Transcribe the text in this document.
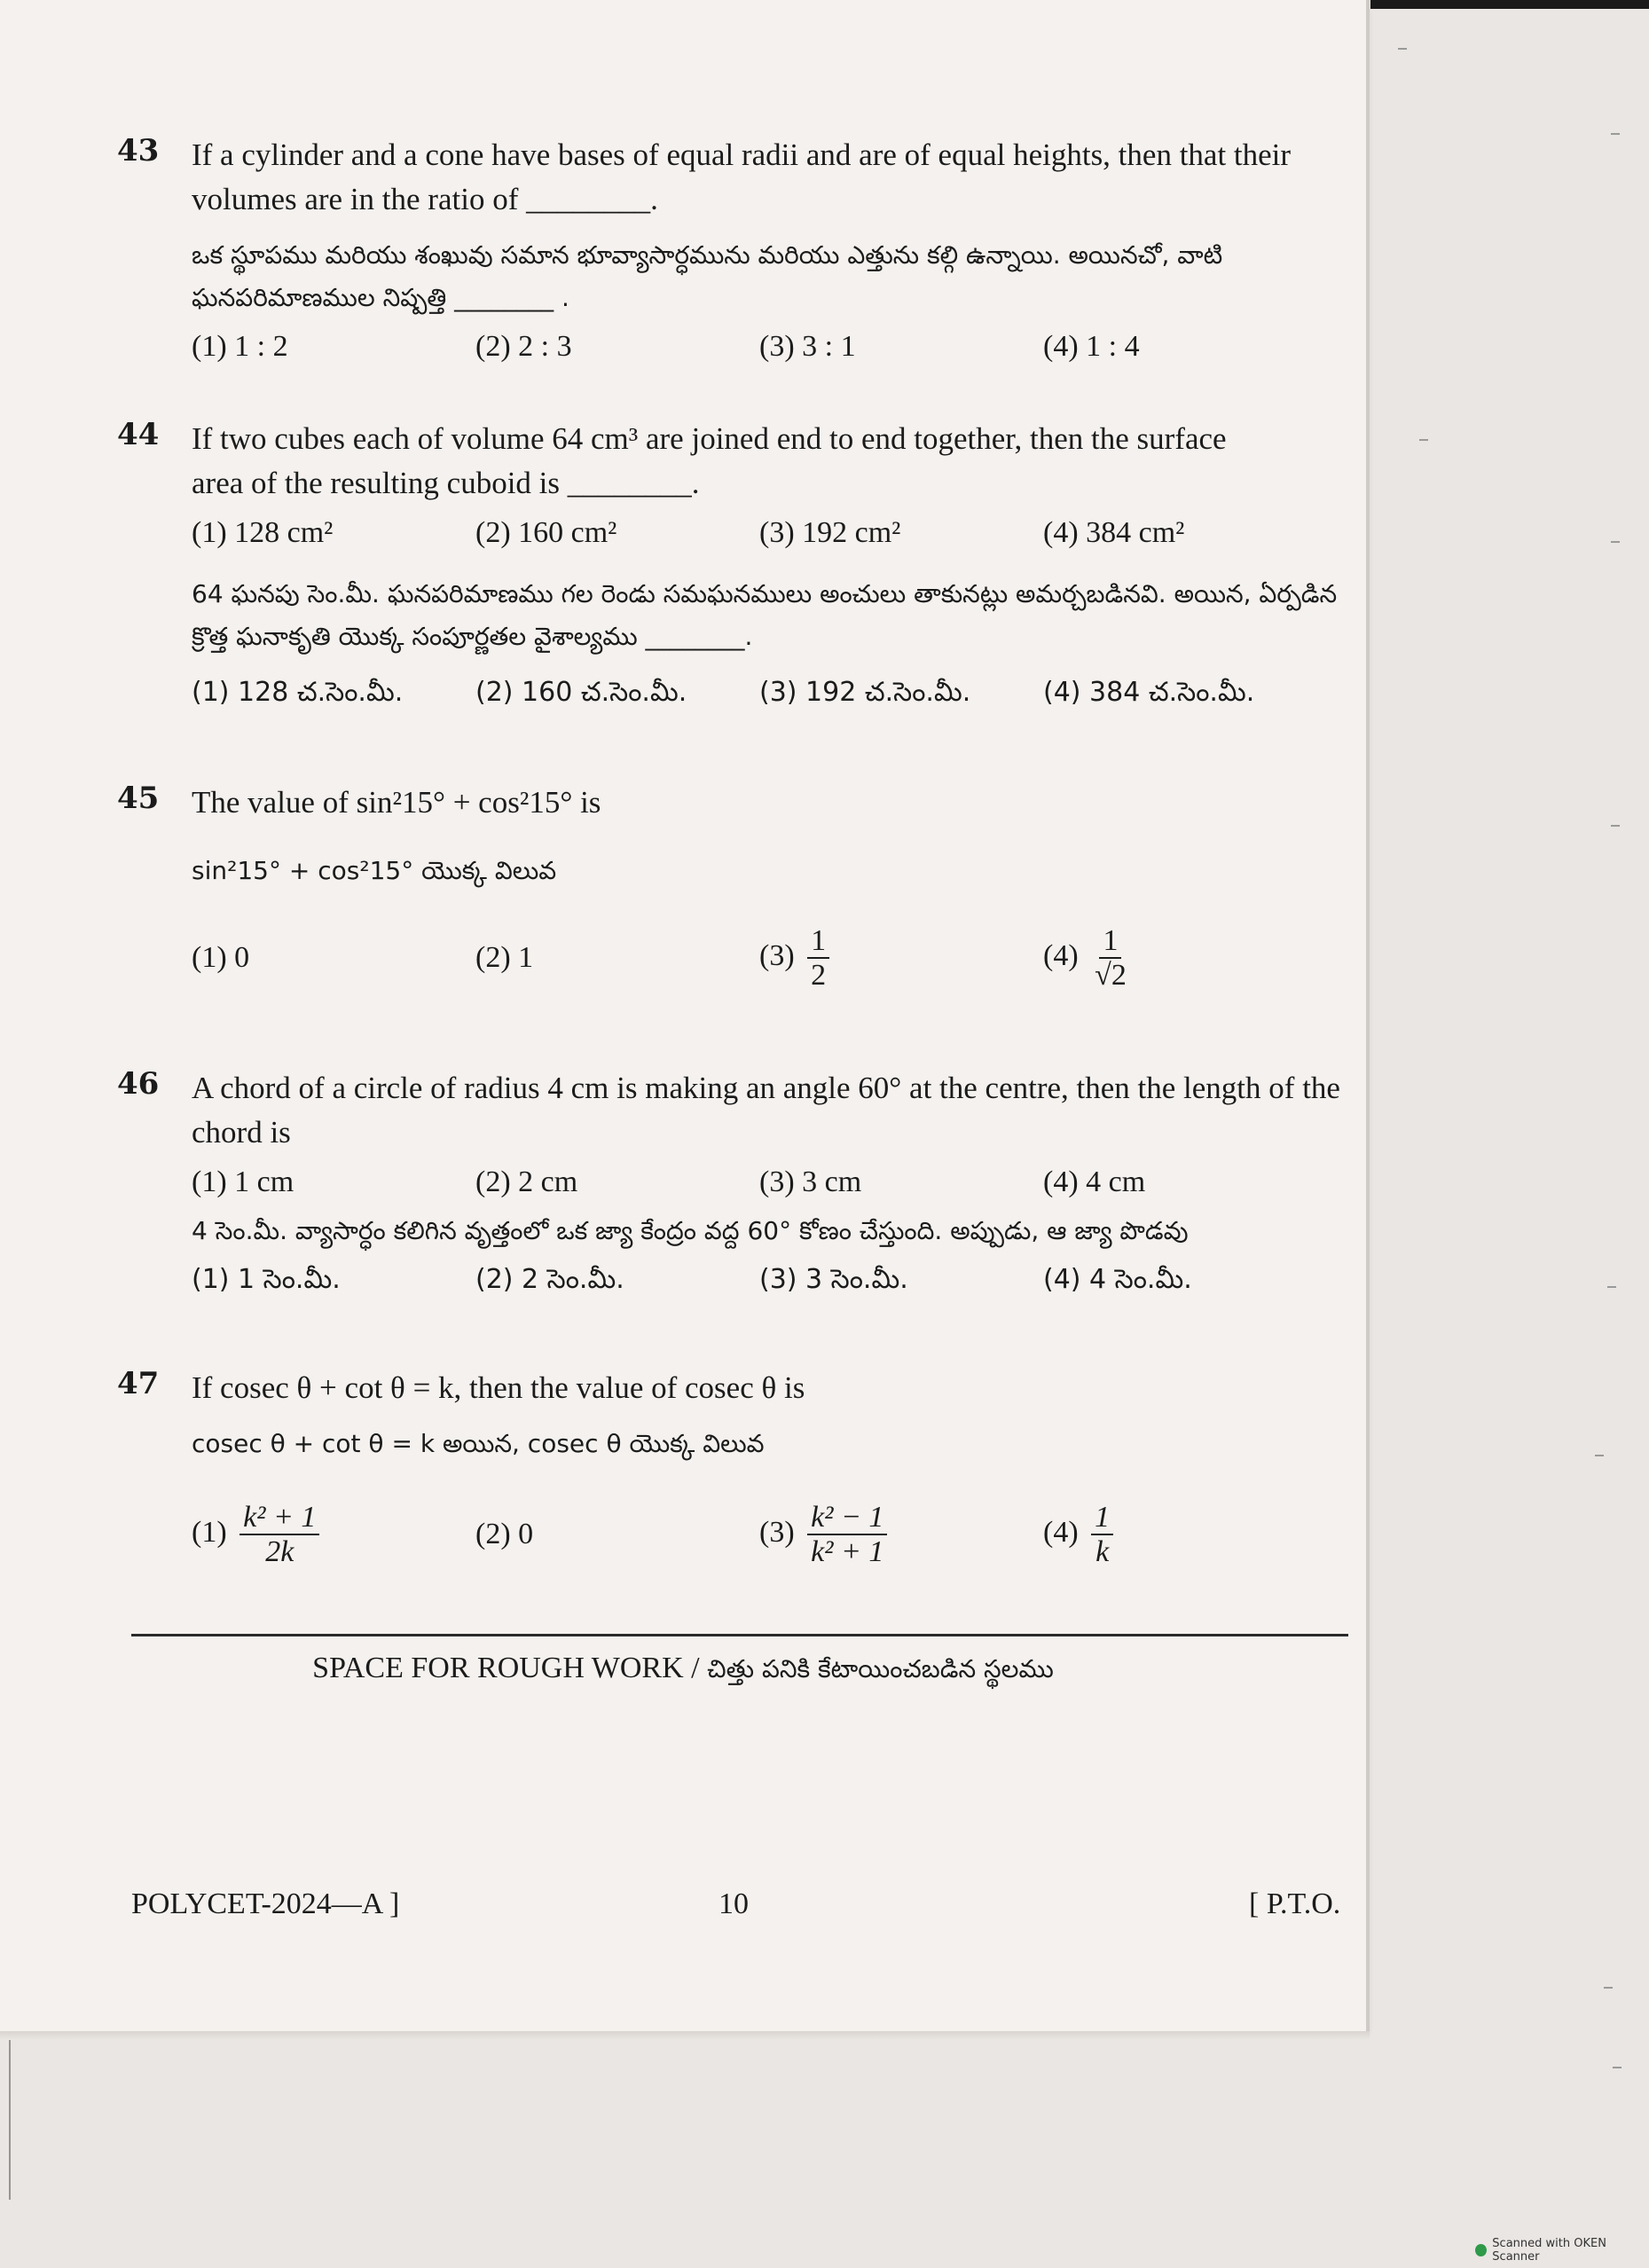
43 If a cylinder and a cone have bases of equal radii and are of equal heights, then that their volumes are in the ratio of ________.
ఒక స్థూపము మరియు శంఖువు సమాన భూవ్యాసార్ధమును మరియు ఎత్తును కల్గి ఉన్నాయి. అయినచో, వాటి ఘనపరిమాణముల నిష్పత్తి ________ .
(1) 1 : 2	(2) 2 : 3	(3) 3 : 1	(4) 1 : 4
44 If two cubes each of volume 64 cm³ are joined end to end together, then the surface
area of the resulting cuboid is ________.
(1) 128 cm²	(2) 160 cm²	(3) 192 cm²	(4) 384 cm²
64 ఘనపు సెం.మీ. ఘనపరిమాణము గల రెండు సమఘనములు అంచులు తాకునట్లు అమర్చబడినవి. అయిన, ఏర్పడిన క్రొత్త ఘనాకృతి యొక్క సంపూర్ణతల వైశాల్యము ________.
(1) 128 చ.సెం.మీ.	(2) 160 చ.సెం.మీ.	(3) 192 చ.సెం.మీ.	(4) 384 చ.సెం.మీ.
45 The value of sin²15° + cos²15° is
sin²15° + cos²15° యొక్క విలువ
(1) 0	(2) 1	$(3) \frac{1}{2}$	$(4) \frac{1}{√2}$
46 A chord of a circle of radius 4 cm is making an angle 60° at the centre, then the length of the chord is
(1) 1 cm	(2) 2 cm	(3) 3 cm	(4) 4 cm
4 సెం.మీ. వ్యాసార్ధం కలిగిన వృత్తంలో ఒక జ్యా కేంద్రం వద్ద 60° కోణం చేస్తుంది. అప్పుడు, ఆ జ్యా పొడవు
(1) 1 సెం.మీ.	(2) 2 సెం.మీ.	(3) 3 సెం.మీ.	(4) 4 సెం.మీ.
47 If cosec θ + cot θ = k, then the value of cosec θ is
cosec θ + cot θ = k అయిన, cosec θ యొక్క విలువ
$(1) \frac{\text{k² + 1}}{2k}$	(2) 0	$(3) \frac{\text{k² − 1}}{\text{k² + 1}}$	$(4) \frac{1}{k}$
SPACE FOR ROUGH WORK / చిత్తు పనికి కేటాయించబడిన స్థలము
POLYCET-2024—A ]	10	[ P.T.O.
Scanned with OKEN Scanner
